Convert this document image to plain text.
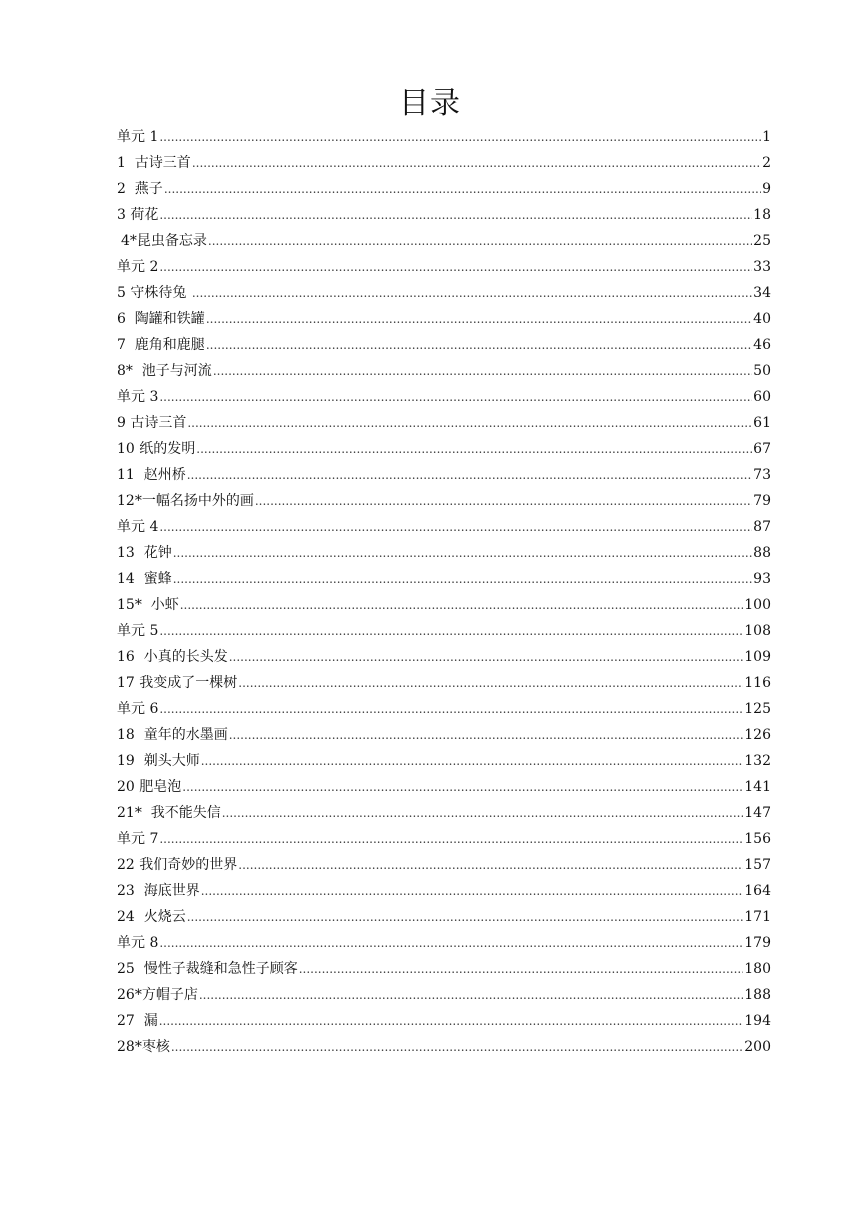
目录
单元 1 .....	1
1  古诗三首 .....	2
2  燕子 .....	9
3 荷花 .....	18
4*昆虫备忘录 .....	25
单元 2 .....	33
5 守株待兔 .....	34
6  陶罐和铁罐 .....	40
7  鹿角和鹿腿 .....	46
8*  池子与河流 .....	50
单元 3 .....	60
9 古诗三首 .....	61
10 纸的发明 .....	67
11  赵州桥 .....	73
12*一幅名扬中外的画 .....	79
单元 4 .....	87
13  花钟 .....	88
14  蜜蜂 .....	93
15*  小虾 .....	100
单元 5 .....	108
16  小真的长头发 .....	109
17 我变成了一棵树 .....	116
单元 6 .....	125
18  童年的水墨画 .....	126
19  剃头大师 .....	132
20 肥皂泡 .....	141
21*  我不能失信 .....	147
单元 7 .....	156
22 我们奇妙的世界 .....	157
23  海底世界 .....	164
24  火烧云 .....	171
单元 8 .....	179
25  慢性子裁缝和急性子顾客 .....	180
26*方帽子店 .....	188
27  漏 .....	194
28*枣核 .....	200
